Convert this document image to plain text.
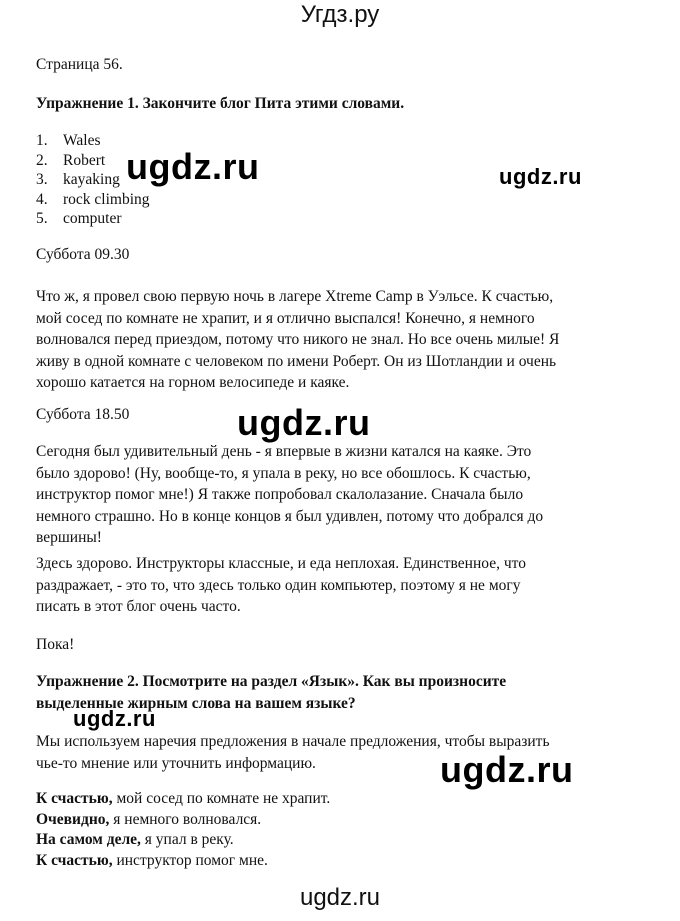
Угдз.ру
Страница 56.
Упражнение 1. Закончите блог Пита этими словами.
1. Wales
2. Robert
3. kayaking
4. rock climbing
5. computer
Суббота 09.30
Что ж, я провел свою первую ночь в лагере Xtreme Camp в Уэльсе. К счастью,
мой сосед по комнате не храпит, и я отлично выспался! Конечно, я немного
волновался перед приездом, потому что никого не знал. Но все очень милые! Я
живу в одной комнате с человеком по имени Роберт. Он из Шотландии и очень
хорошо катается на горном велосипеде и каяке.
Суббота 18.50
Сегодня был удивительный день - я впервые в жизни катался на каяке. Это
было здорово! (Ну, вообще-то, я упала в реку, но все обошлось. К счастью,
инструктор помог мне!) Я также попробовал скалолазание. Сначала было
немного страшно. Но в конце концов я был удивлен, потому что добрался до
вершины!
Здесь здорово. Инструкторы классные, и еда неплохая. Единственное, что
раздражает, - это то, что здесь только один компьютер, поэтому я не могу
писать в этот блог очень часто.
Пока!
Упражнение 2. Посмотрите на раздел «Язык». Как вы произносите
выделенные жирным слова на вашем языке?
Мы используем наречия предложения в начале предложения, чтобы выразить
чье-то мнение или уточнить информацию.
К счастью, мой сосед по комнате не храпит.
Очевидно, я немного волновался.
На самом деле, я упал в реку.
К счастью, инструктор помог мне.
ugdz.ru	ugdz.ru
ugdz.ru
ugdz.ru
ugdz.ru
ugdz.ru
